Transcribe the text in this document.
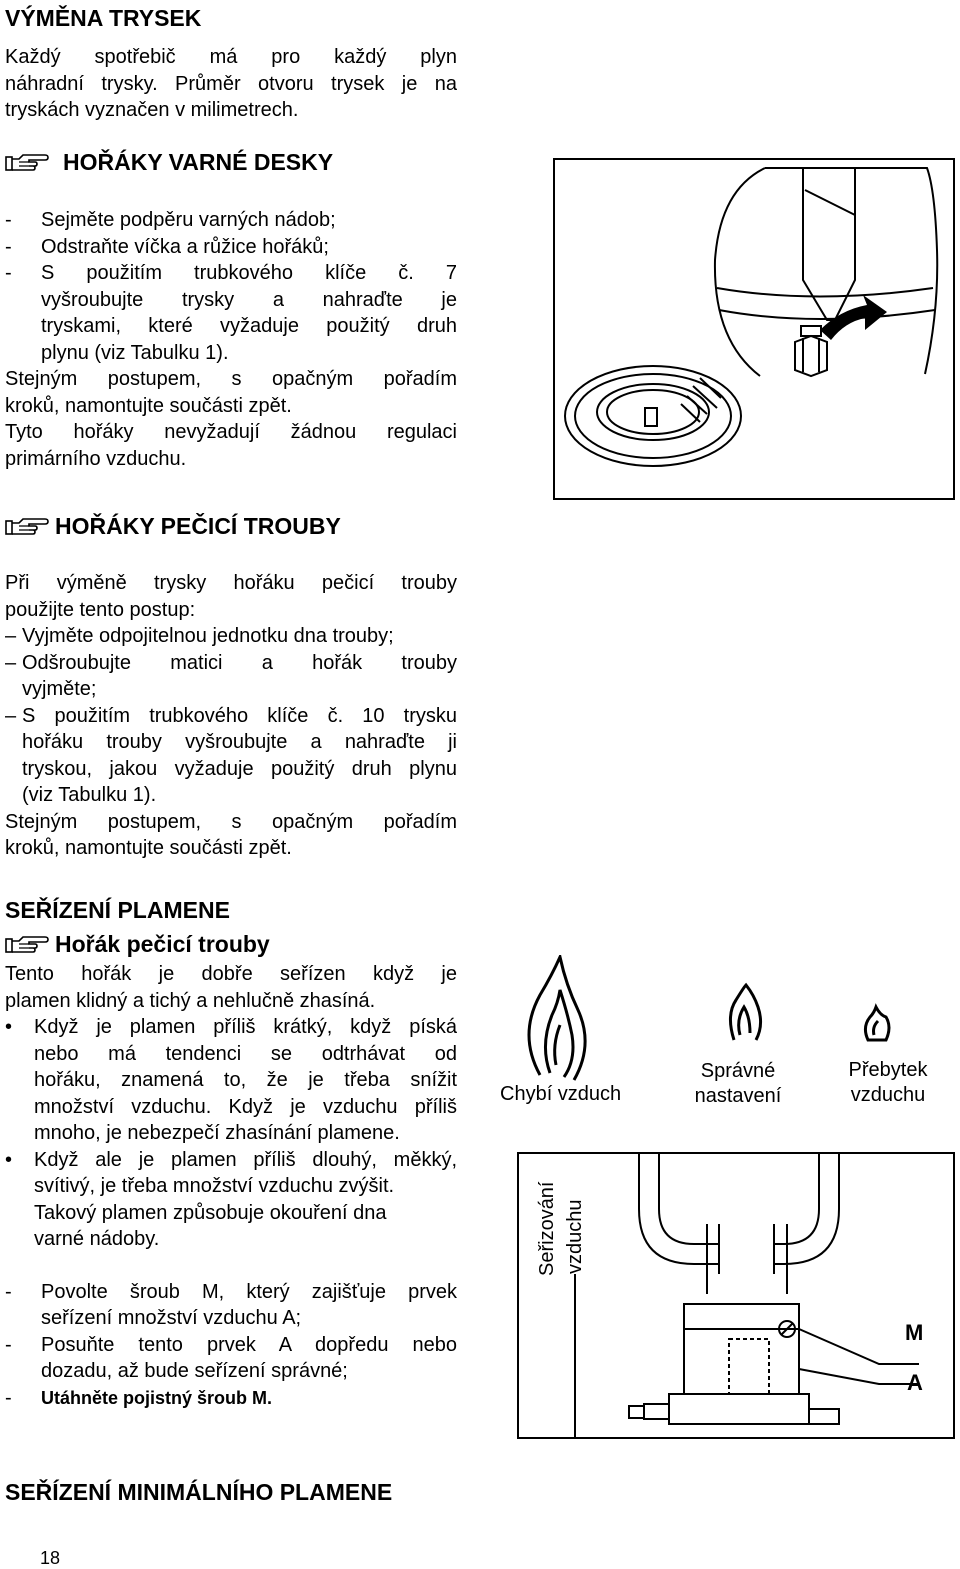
VÝMĚNA TRYSEK
Každý spotřebič má pro každý plyn
náhradní trysky. Průměr otvoru trysek je na
tryskách vyznačen v milimetrech.
HOŘÁKY VARNÉ DESKY
-	Sejměte podpěru varných nádob;
-	Odstraňte víčka a růžice hořáků;
-	S použitím trubkového klíče č. 7
vyšroubujte trysky a nahraďte je
tryskami, které vyžaduje použitý druh
plynu (viz Tabulku 1).
Stejným postupem, s opačným pořadím
kroků, namontujte součásti zpět.
Tyto hořáky nevyžadují žádnou regulaci
primárního vzduchu.
HOŘÁKY PEČICÍ TROUBY
Při výměně trysky hořáku pečicí trouby
použijte tento postup:
– Vyjměte odpojitelnou jednotku dna trouby;
– Odšroubujte matici a hořák trouby
vyjměte;
– S použitím trubkového klíče č. 10 trysku
hořáku trouby vyšroubujte a nahraďte ji
tryskou, jakou vyžaduje použitý druh plynu
(viz Tabulku 1).
Stejným postupem, s opačným pořadím
kroků, namontujte součásti zpět.
SEŘÍZENÍ PLAMENE
Hořák pečicí trouby
Tento hořák je dobře seřízen když je
plamen klidný a tichý a nehlučně zhasíná.
•	Když je plamen příliš krátký, když píská
nebo má tendenci se odtrhávat od
hořáku, znamená to, že je třeba snížit
množství vzduchu. Když je vzduchu příliš
mnoho, je nebezpečí zhasínání plamene.
•	Když ale je plamen příliš dlouhý, měkký,
svítivý, je třeba množství vzduchu zvýšit.
Takový plamen způsobuje okouření dna
varné nádoby.
-	Povolte šroub M, který zajišťuje prvek
seřízení množství vzduchu A;
-	Posuňte tento prvek A dopředu nebo
dozadu, až bude seřízení správné;
-	Utáhněte pojistný šroub M.
Chybí vzduch
Správné
nastavení
Přebytek
vzduchu
Seřizování vzduchu
M
A
SEŘÍZENÍ MINIMÁLNÍHO PLAMENE
18
